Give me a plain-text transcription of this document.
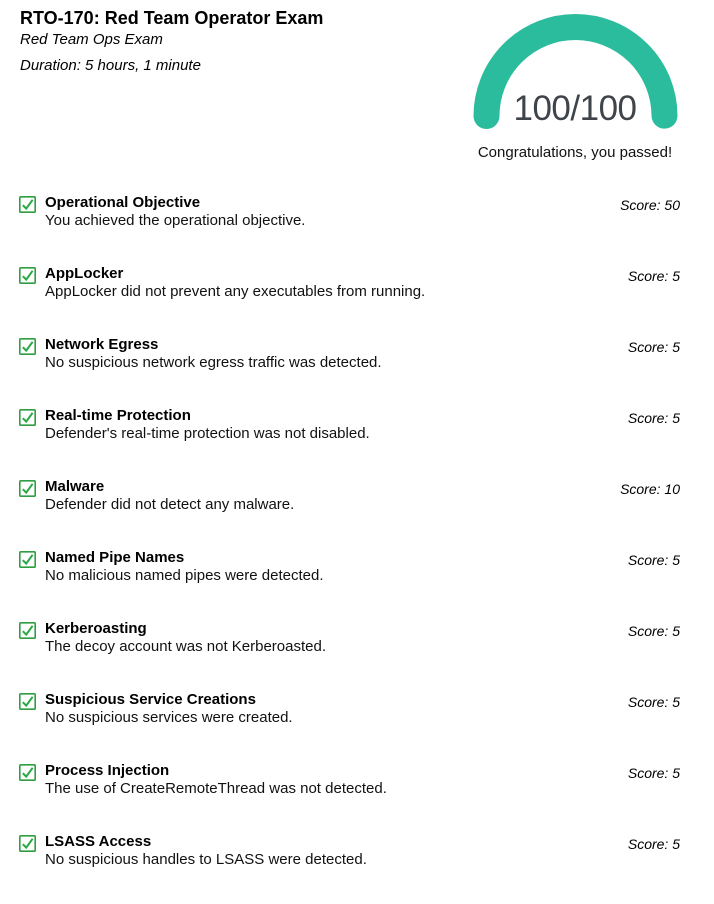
RTO-170: Red Team Operator Exam
Red Team Ops Exam
Duration: 5 hours, 1 minute
100/100
Congratulations, you passed!
Operational Objective
You achieved the operational objective.
Score: 50
AppLocker
AppLocker did not prevent any executables from running.
Score: 5
Network Egress
No suspicious network egress traffic was detected.
Score: 5
Real-time Protection
Defender's real-time protection was not disabled.
Score: 5
Malware
Defender did not detect any malware.
Score: 10
Named Pipe Names
No malicious named pipes were detected.
Score: 5
Kerberoasting
The decoy account was not Kerberoasted.
Score: 5
Suspicious Service Creations
No suspicious services were created.
Score: 5
Process Injection
The use of CreateRemoteThread was not detected.
Score: 5
LSASS Access
No suspicious handles to LSASS were detected.
Score: 5
